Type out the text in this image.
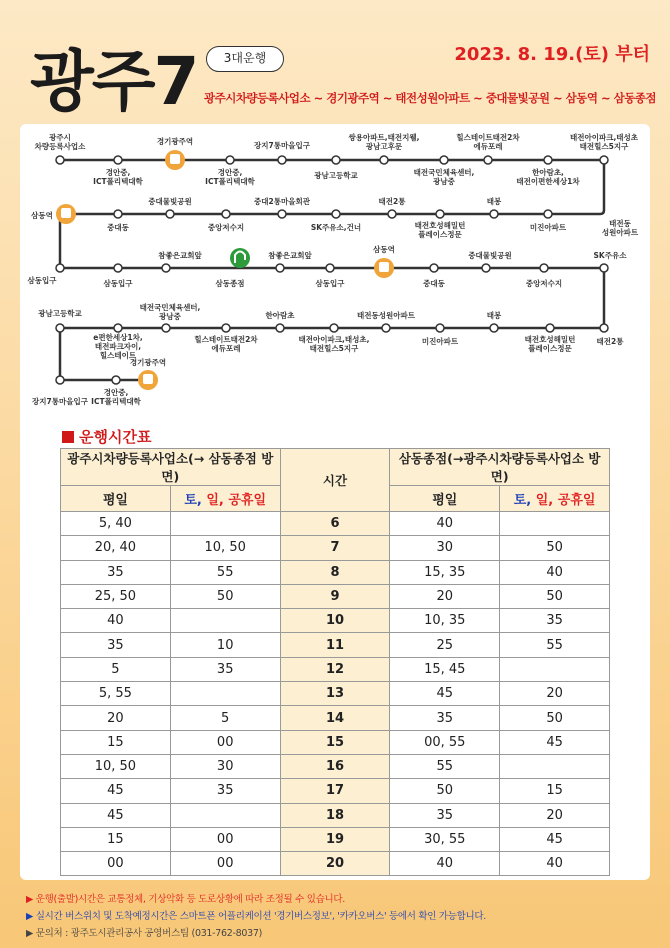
광주7	3대운행	2023. 8. 19.(토) 부터
광주시차량등록사업소 ~ 경기광주역 ~ 태전성원아파트 ~ 중대물빛공원 ~ 삼동역 ~ 삼동종점
광주시
차량등록사업소
경기광주역	장지7통마을입구
쌍용아파트,태전지웰,
광남고후문
힐스테이트태전2차
에듀포레
태전아이파크,태성초
태전힐스5지구
경안중,
ICT폴리텍대학
경안중,
ICT폴리텍대학
광남고등학교	태전국민체육센터,
광남중
한아람초,
태전이편한세상1차
삼동역
중대동
중대물빛공원
중앙저수지
중대2통마을회관
SK주유소,건너
태전2통
태전호성해밀턴
플레이스정문
태봉
미진아파트	태전동
성원아파트
삼동입구	삼동입구
참좋은교회앞
삼동종점
참좋은교회앞
삼동입구
삼동역
중대동
중대물빛공원
중앙저수지
SK주유소
광남고등학교
e편한세상1차,
태전파크자이,
힐스테이트
태전국민체육센터,
광남중
힐스테이트태전2차
에듀포레
한아람초
태전아이파크,태성초,
태전힐스5지구
태전동성원아파트
미진아파트
태봉
태전호성해밀턴
플레이스정문
태전2통
경기광주역
장지7통마을입구
경안중,
ICT폴리텍대학
운행시간표
광주시차량등록사업소(→ 삼동종점 방면)		시간	삼동종점(→광주시차량등록사업소 방면)	
평일	토, 일, 공휴일		평일	토, 일, 공휴일
5, 40		6	40	
20, 40	10, 50	7	30	50
35	55	8	15, 35	40
25, 50	50	9	20	50
40		10	10, 35	35
35	10	11	25	55
5	35	12	15, 45	
5, 55		13	45	20
20	5	14	35	50
15	00	15	00, 55	45
10, 50	30	16	55	
45	35	17	50	15
45		18	35	20
15	00	19	30, 55	45
00	00	20	40	40
▶ 운행(출발)시간은 교통정체, 기상악화 등 도로상황에 따라 조정될 수 있습니다.
▶ 실시간 버스위치 및 도착예정시간은 스마트폰 어플리케이션 '경기버스정보', '카카오버스' 등에서 확인 가능합니다.
▶ 문의처 : 광주도시관리공사 공영버스팀 (031-762-8037)
